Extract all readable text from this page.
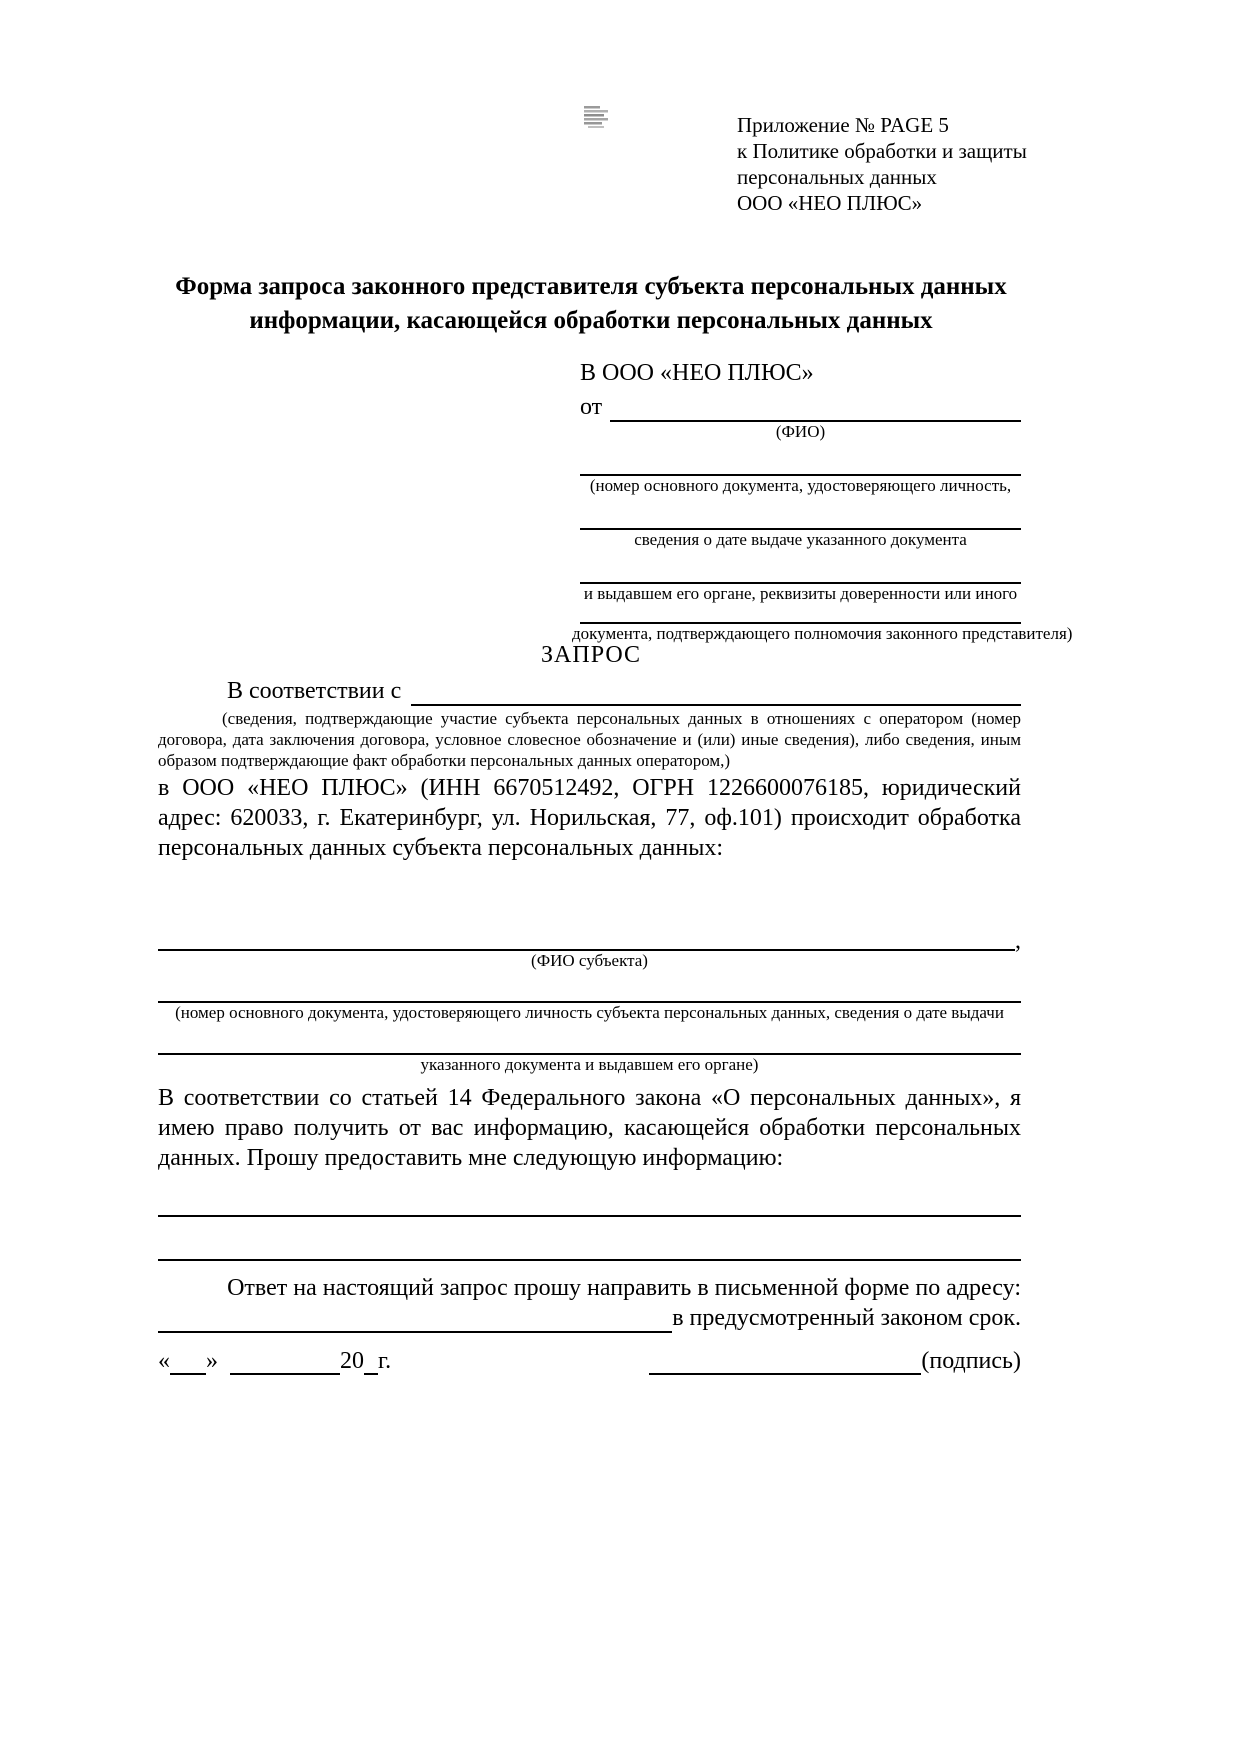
Приложение № PAGE 5
к Политике обработки и защиты
персональных данных
ООО «НЕО ПЛЮС»
Форма запроса законного представителя субъекта персональных данных информации, касающейся обработки персональных данных
В ООО «НЕО ПЛЮС»
от
(ФИО)
(номер основного документа, удостоверяющего личность,
сведения о дате выдаче указанного документа
и выдавшем его органе, реквизиты доверенности или иного
документа, подтверждающего полномочия законного представителя)
ЗАПРОС
В соответствии с
(сведения, подтверждающие участие субъекта персональных данных в отношениях с оператором (номер договора, дата заключения договора, условное словесное обозначение и (или) иные сведения), либо сведения, иным образом подтверждающие факт обработки персональных данных оператором,)

в ООО «НЕО ПЛЮС» (ИНН 6670512492, ОГРН 1226600076185, юридический адрес: 620033, г. Екатеринбург, ул. Норильская, 77, оф.101) происходит обработка персональных данных субъекта персональных данных:

,
(ФИО субъекта)
(номер основного документа, удостоверяющего личность субъекта персональных данных, сведения о дате выдачи
указанного документа и выдавшем его органе)

В соответствии со статьей 14 Федерального закона «О персональных данных», я имею право получить от вас информацию, касающейся обработки персональных данных. Прошу предоставить мне следующую информацию:

Ответ на настоящий запрос прошу направить в письменной форме по адресу:
в предусмотренный законом срок.
« »	20 г.	(подпись)
